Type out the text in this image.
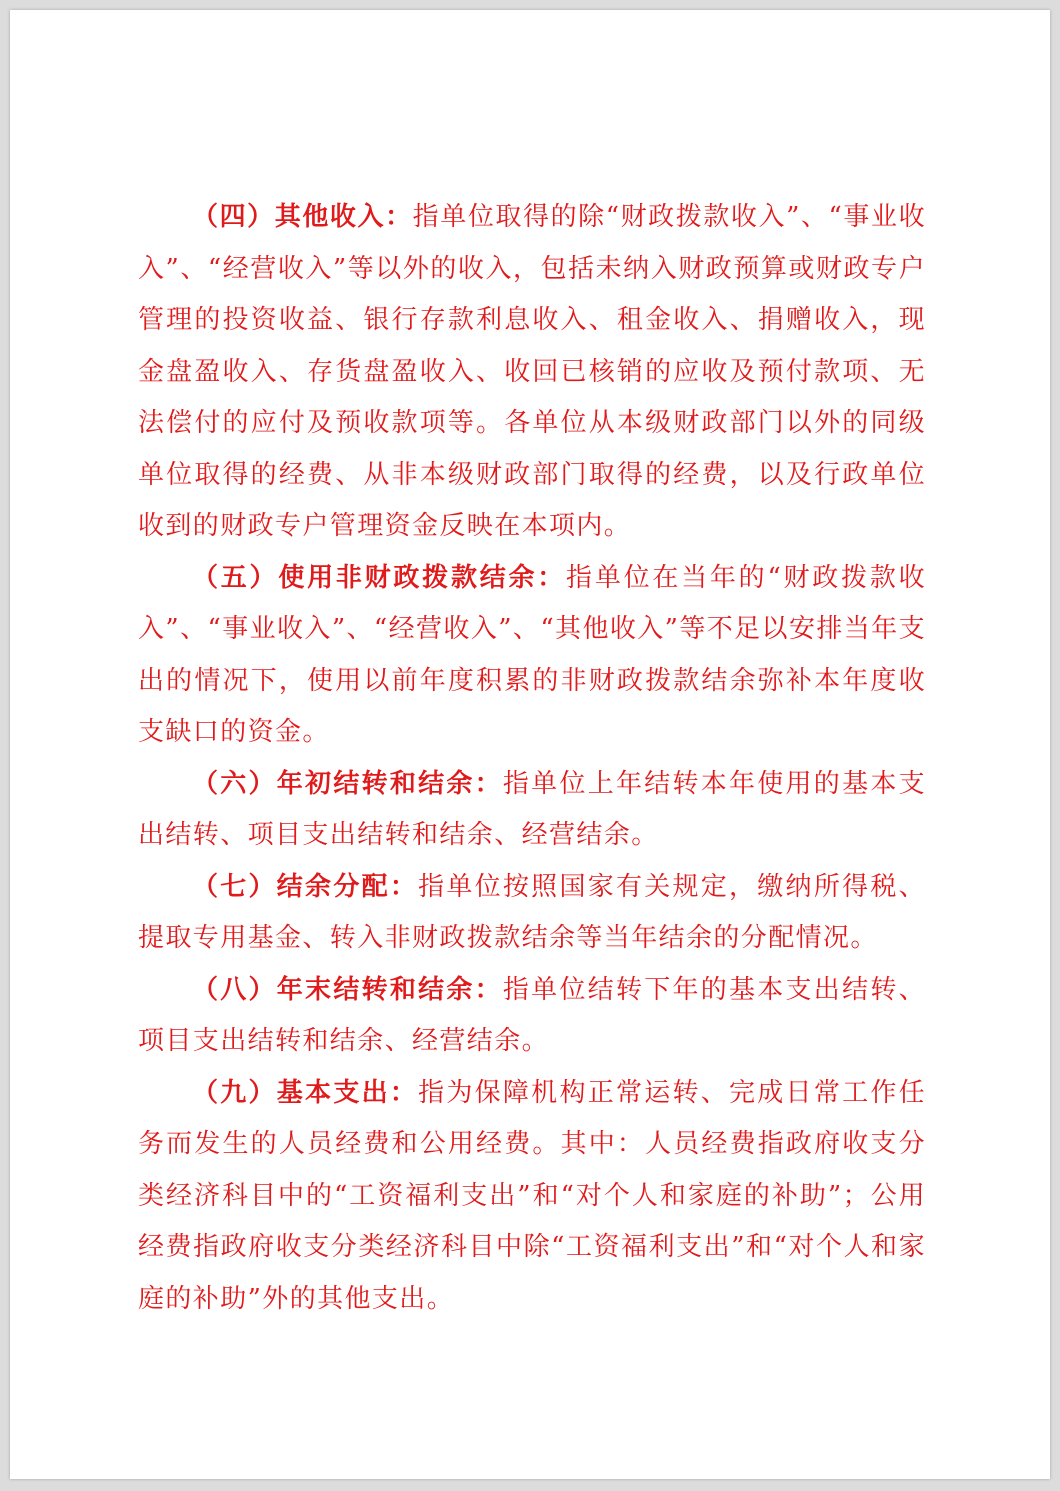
（四）其他收入：指单位取得的除“财政拨款收入”、“事业收入”、“经营收入”等以外的收入，包括未纳入财政预算或财政专户管理的投资收益、银行存款利息收入、租金收入、捐赠收入，现金盘盈收入、存货盘盈收入、收回已核销的应收及预付款项、无法偿付的应付及预收款项等。各单位从本级财政部门以外的同级单位取得的经费、从非本级财政部门取得的经费，以及行政单位收到的财政专户管理资金反映在本项内。

（五）使用非财政拨款结余：指单位在当年的“财政拨款收入”、“事业收入”、“经营收入”、“其他收入”等不足以安排当年支出的情况下，使用以前年度积累的非财政拨款结余弥补本年度收支缺口的资金。

（六）年初结转和结余：指单位上年结转本年使用的基本支出结转、项目支出结转和结余、经营结余。

（七）结余分配：指单位按照国家有关规定，缴纳所得税、提取专用基金、转入非财政拨款结余等当年结余的分配情况。

（八）年末结转和结余：指单位结转下年的基本支出结转、项目支出结转和结余、经营结余。

（九）基本支出：指为保障机构正常运转、完成日常工作任务而发生的人员经费和公用经费。其中：人员经费指政府收支分类经济科目中的“工资福利支出”和“对个人和家庭的补助”；公用经费指政府收支分类经济科目中除“工资福利支出”和“对个人和家庭的补助”外的其他支出。
